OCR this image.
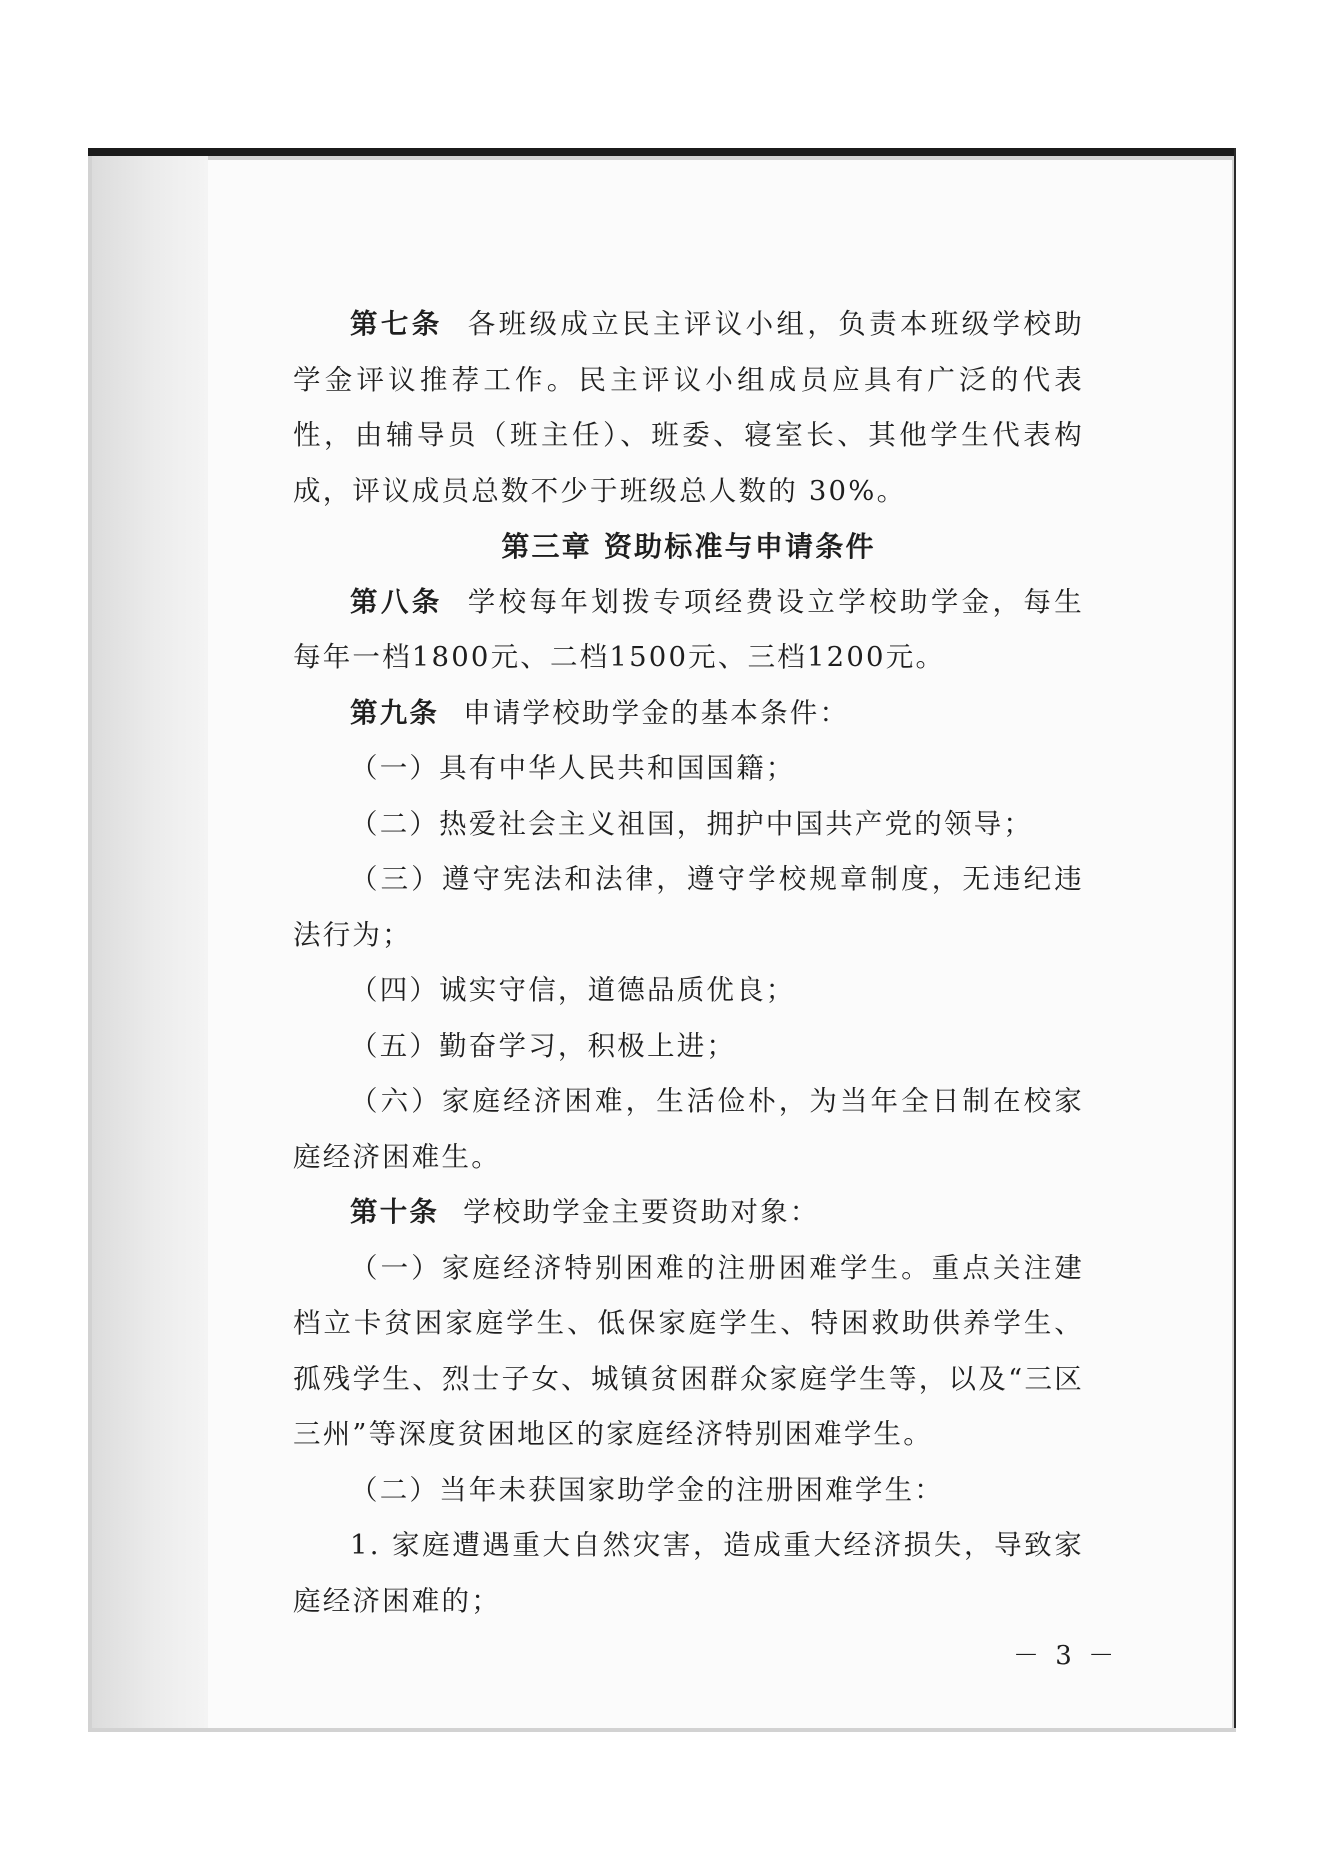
第七条 各班级成立民主评议小组，负责本班级学校助学金评议推荐工作。民主评议小组成员应具有广泛的代表性，由辅导员（班主任）、班委、寝室长、其他学生代表构成，评议成员总数不少于班级总人数的 30%。

第三章 资助标准与申请条件

第八条 学校每年划拨专项经费设立学校助学金，每生每年一档1800元、二档1500元、三档1200元。

第九条 申请学校助学金的基本条件：

（一）具有中华人民共和国国籍；

（二）热爱社会主义祖国，拥护中国共产党的领导；

（三）遵守宪法和法律，遵守学校规章制度，无违纪违法行为；

（四）诚实守信，道德品质优良；

（五）勤奋学习，积极上进；

（六）家庭经济困难，生活俭朴，为当年全日制在校家庭经济困难生。

第十条 学校助学金主要资助对象：

（一）家庭经济特别困难的注册困难学生。重点关注建档立卡贫困家庭学生、低保家庭学生、特困救助供养学生、孤残学生、烈士子女、城镇贫困群众家庭学生等，以及“三区三州”等深度贫困地区的家庭经济特别困难学生。

（二）当年未获国家助学金的注册困难学生：

1. 家庭遭遇重大自然灾害，造成重大经济损失，导致家庭经济困难的；

－ 3 －
